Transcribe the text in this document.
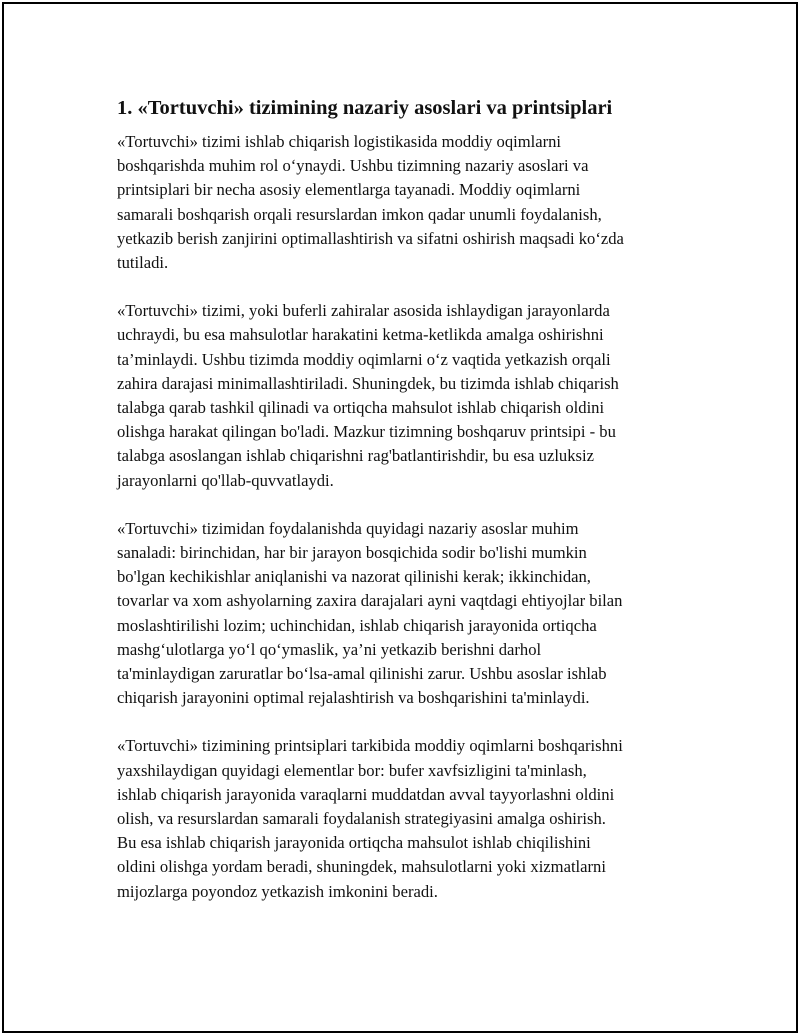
1. «Tortuvchi» tizimining nazariy asoslari va printsiplari

«Tortuvchi» tizimi ishlab chiqarish logistikasida moddiy oqimlarni
boshqarishda muhim rol oʻynaydi. Ushbu tizimning nazariy asoslari va
printsiplari bir necha asosiy elementlarga tayanadi. Moddiy oqimlarni
samarali boshqarish orqali resurslardan imkon qadar unumli foydalanish,
yetkazib berish zanjirini optimallashtirish va sifatni oshirish maqsadi koʻzda
tutiladi.

«Tortuvchi» tizimi, yoki buferli zahiralar asosida ishlaydigan jarayonlarda
uchraydi, bu esa mahsulotlar harakatini ketma-ketlikda amalga oshirishni
ta’minlaydi. Ushbu tizimda moddiy oqimlarni oʻz vaqtida yetkazish orqali
zahira darajasi minimallashtiriladi. Shuningdek, bu tizimda ishlab chiqarish
talabga qarab tashkil qilinadi va ortiqcha mahsulot ishlab chiqarish oldini
olishga harakat qilingan bo'ladi. Mazkur tizimning boshqaruv printsipi - bu
talabga asoslangan ishlab chiqarishni rag'batlantirishdir, bu esa uzluksiz
jarayonlarni qo'llab-quvvatlaydi.

«Tortuvchi» tizimidan foydalanishda quyidagi nazariy asoslar muhim
sanaladi: birinchidan, har bir jarayon bosqichida sodir bo'lishi mumkin
bo'lgan kechikishlar aniqlanishi va nazorat qilinishi kerak; ikkinchidan,
tovarlar va xom ashyolarning zaxira darajalari ayni vaqtdagi ehtiyojlar bilan
moslashtirilishi lozim; uchinchidan, ishlab chiqarish jarayonida ortiqcha
mashgʻulotlarga yoʻl qoʻymaslik, ya’ni yetkazib berishni darhol
ta'minlaydigan zaruratlar boʻlsa-amal qilinishi zarur. Ushbu asoslar ishlab
chiqarish jarayonini optimal rejalashtirish va boshqarishini ta'minlaydi.

«Tortuvchi» tizimining printsiplari tarkibida moddiy oqimlarni boshqarishni
yaxshilaydigan quyidagi elementlar bor: bufer xavfsizligini ta'minlash,
ishlab chiqarish jarayonida varaqlarni muddatdan avval tayyorlashni oldini
olish, va resurslardan samarali foydalanish strategiyasini amalga oshirish.
Bu esa ishlab chiqarish jarayonida ortiqcha mahsulot ishlab chiqilishini
oldini olishga yordam beradi, shuningdek, mahsulotlarni yoki xizmatlarni
mijozlarga poyondoz yetkazish imkonini beradi.
